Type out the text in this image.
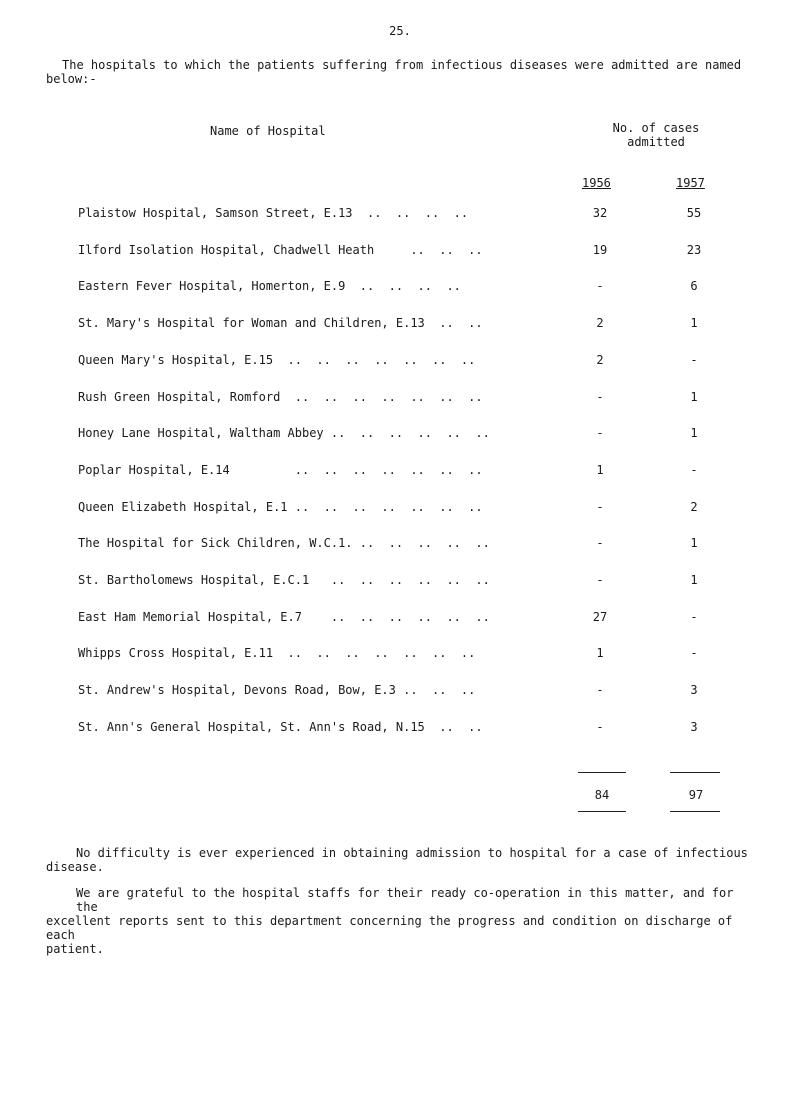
25.
The hospitals to which the patients suffering from infectious diseases were admitted are named
below:-
Name of Hospital	No. of cases
admitted
1956	1957
Plaistow Hospital, Samson Street, E.13  ..  ..  ..  ..	32	55
Ilford Isolation Hospital, Chadwell Heath     ..  ..  ..	19	23
Eastern Fever Hospital, Homerton, E.9  ..  ..  ..  ..	-	6
St. Mary's Hospital for Woman and Children, E.13  ..  ..	2	1
Queen Mary's Hospital, E.15  ..  ..  ..  ..  ..  ..  ..	2	-
Rush Green Hospital, Romford  ..  ..  ..  ..  ..  ..  ..	-	1
Honey Lane Hospital, Waltham Abbey ..  ..  ..  ..  ..  ..	-	1
Poplar Hospital, E.14         ..  ..  ..  ..  ..  ..  ..	1	-
Queen Elizabeth Hospital, E.1 ..  ..  ..  ..  ..  ..  ..	-	2
The Hospital for Sick Children, W.C.1. ..  ..  ..  ..  ..	-	1
St. Bartholomews Hospital, E.C.1   ..  ..  ..  ..  ..  ..	-	1
East Ham Memorial Hospital, E.7    ..  ..  ..  ..  ..  ..	27	-
Whipps Cross Hospital, E.11  ..  ..  ..  ..  ..  ..  ..	1	-
St. Andrew's Hospital, Devons Road, Bow, E.3 ..  ..  ..	-	3
St. Ann's General Hospital, St. Ann's Road, N.15  ..  ..	-	3
84	97
No difficulty is ever experienced in obtaining admission to hospital for a case of infectious
disease.
We are grateful to the hospital staffs for their ready co-operation in this matter, and for the
excellent reports sent to this department concerning the progress and condition on discharge of each
patient.
